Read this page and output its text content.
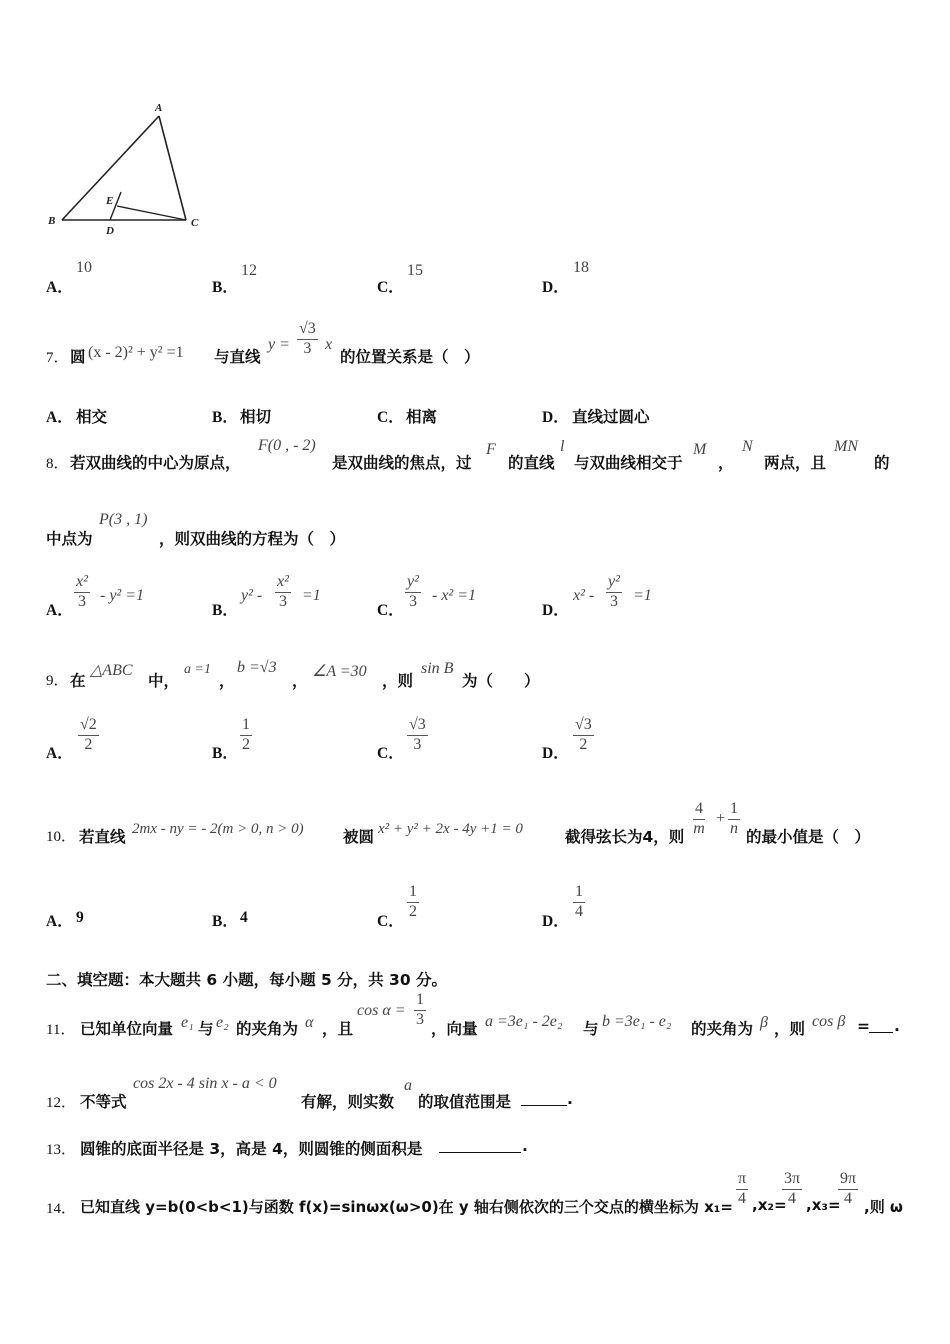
A
B	C
D
E
A．
10
B．
12
C．
15
D．
18
7． 圆 (x - 2)² + y² =1 与直线
$y = \frac{√3}{3}$ x
的位置关系是（　）
A． 相交	B． 相切	C． 相离	D． 直线过圆心
8． 若双曲线的中心为原点，
F(0 , - 2)
是双曲线的焦点，过
F
的直线
l
与双曲线相交于
M
，
N
两点，且
MN
的
中点为
P(3 , 1)
，则双曲线的方程为（　）
A． $\frac{\text{x²}}{3} - y^2 =1$
B．
$y^2 - \frac{\text{x²}}{3} =1$
C． $\frac{\text{y²}}{3} - x^2 =1$
D．
$x^2 - \frac{\text{y²}}{3} =1$
9． 在
△ABC
中，
a =1
，
b =√3
，
∠A =30
，则
sin B
为（　　）
A． $\frac{√2}{2}$	B． $\frac{1}{2}$	C． $\frac{√3}{3}$	D． $\frac{√3}{2}$
10． 若直线 2mx - ny = - 2(m > 0, n > 0)	被圆 x² + y² + 2x - 4y +1 = 0	截得弦长为4，则 $\frac{4}{m} + \frac{1}{n}$ 的最小值是（　）
A． 9	B． 4	C．
$\frac{1}{2}$
D．
$\frac{1}{4}$
二、填空题：本大题共 6 小题，每小题 5 分，共 30 分。
11． 已知单位向量 e₁ 与 e₂ 的夹角为 α ，且
$\cos \alpha = \frac{1}{3}$ ，向量 a =3e₁ - 2e₂ 与 b =3e₁ - e₂ 的夹角为 β ，则 cos β = .
12． 不等式
cos 2x - 4 sin x - a < 0
有解，则实数
a
的取值范围是	.
13． 圆锥的底面半径是 3，高是 4，则圆锥的侧面积是	.
14． 已知直线 y=b(0<b<1)与函数 f(x)=sinωx(ω>0)在 y 轴右侧依次的三个交点的横坐标为 $x_1= \frac{\pi}{4} ,x_2=$
$\frac{3\pi}{4} ,x_3=$
$\frac{9\pi}{4}$ ,则 ω
